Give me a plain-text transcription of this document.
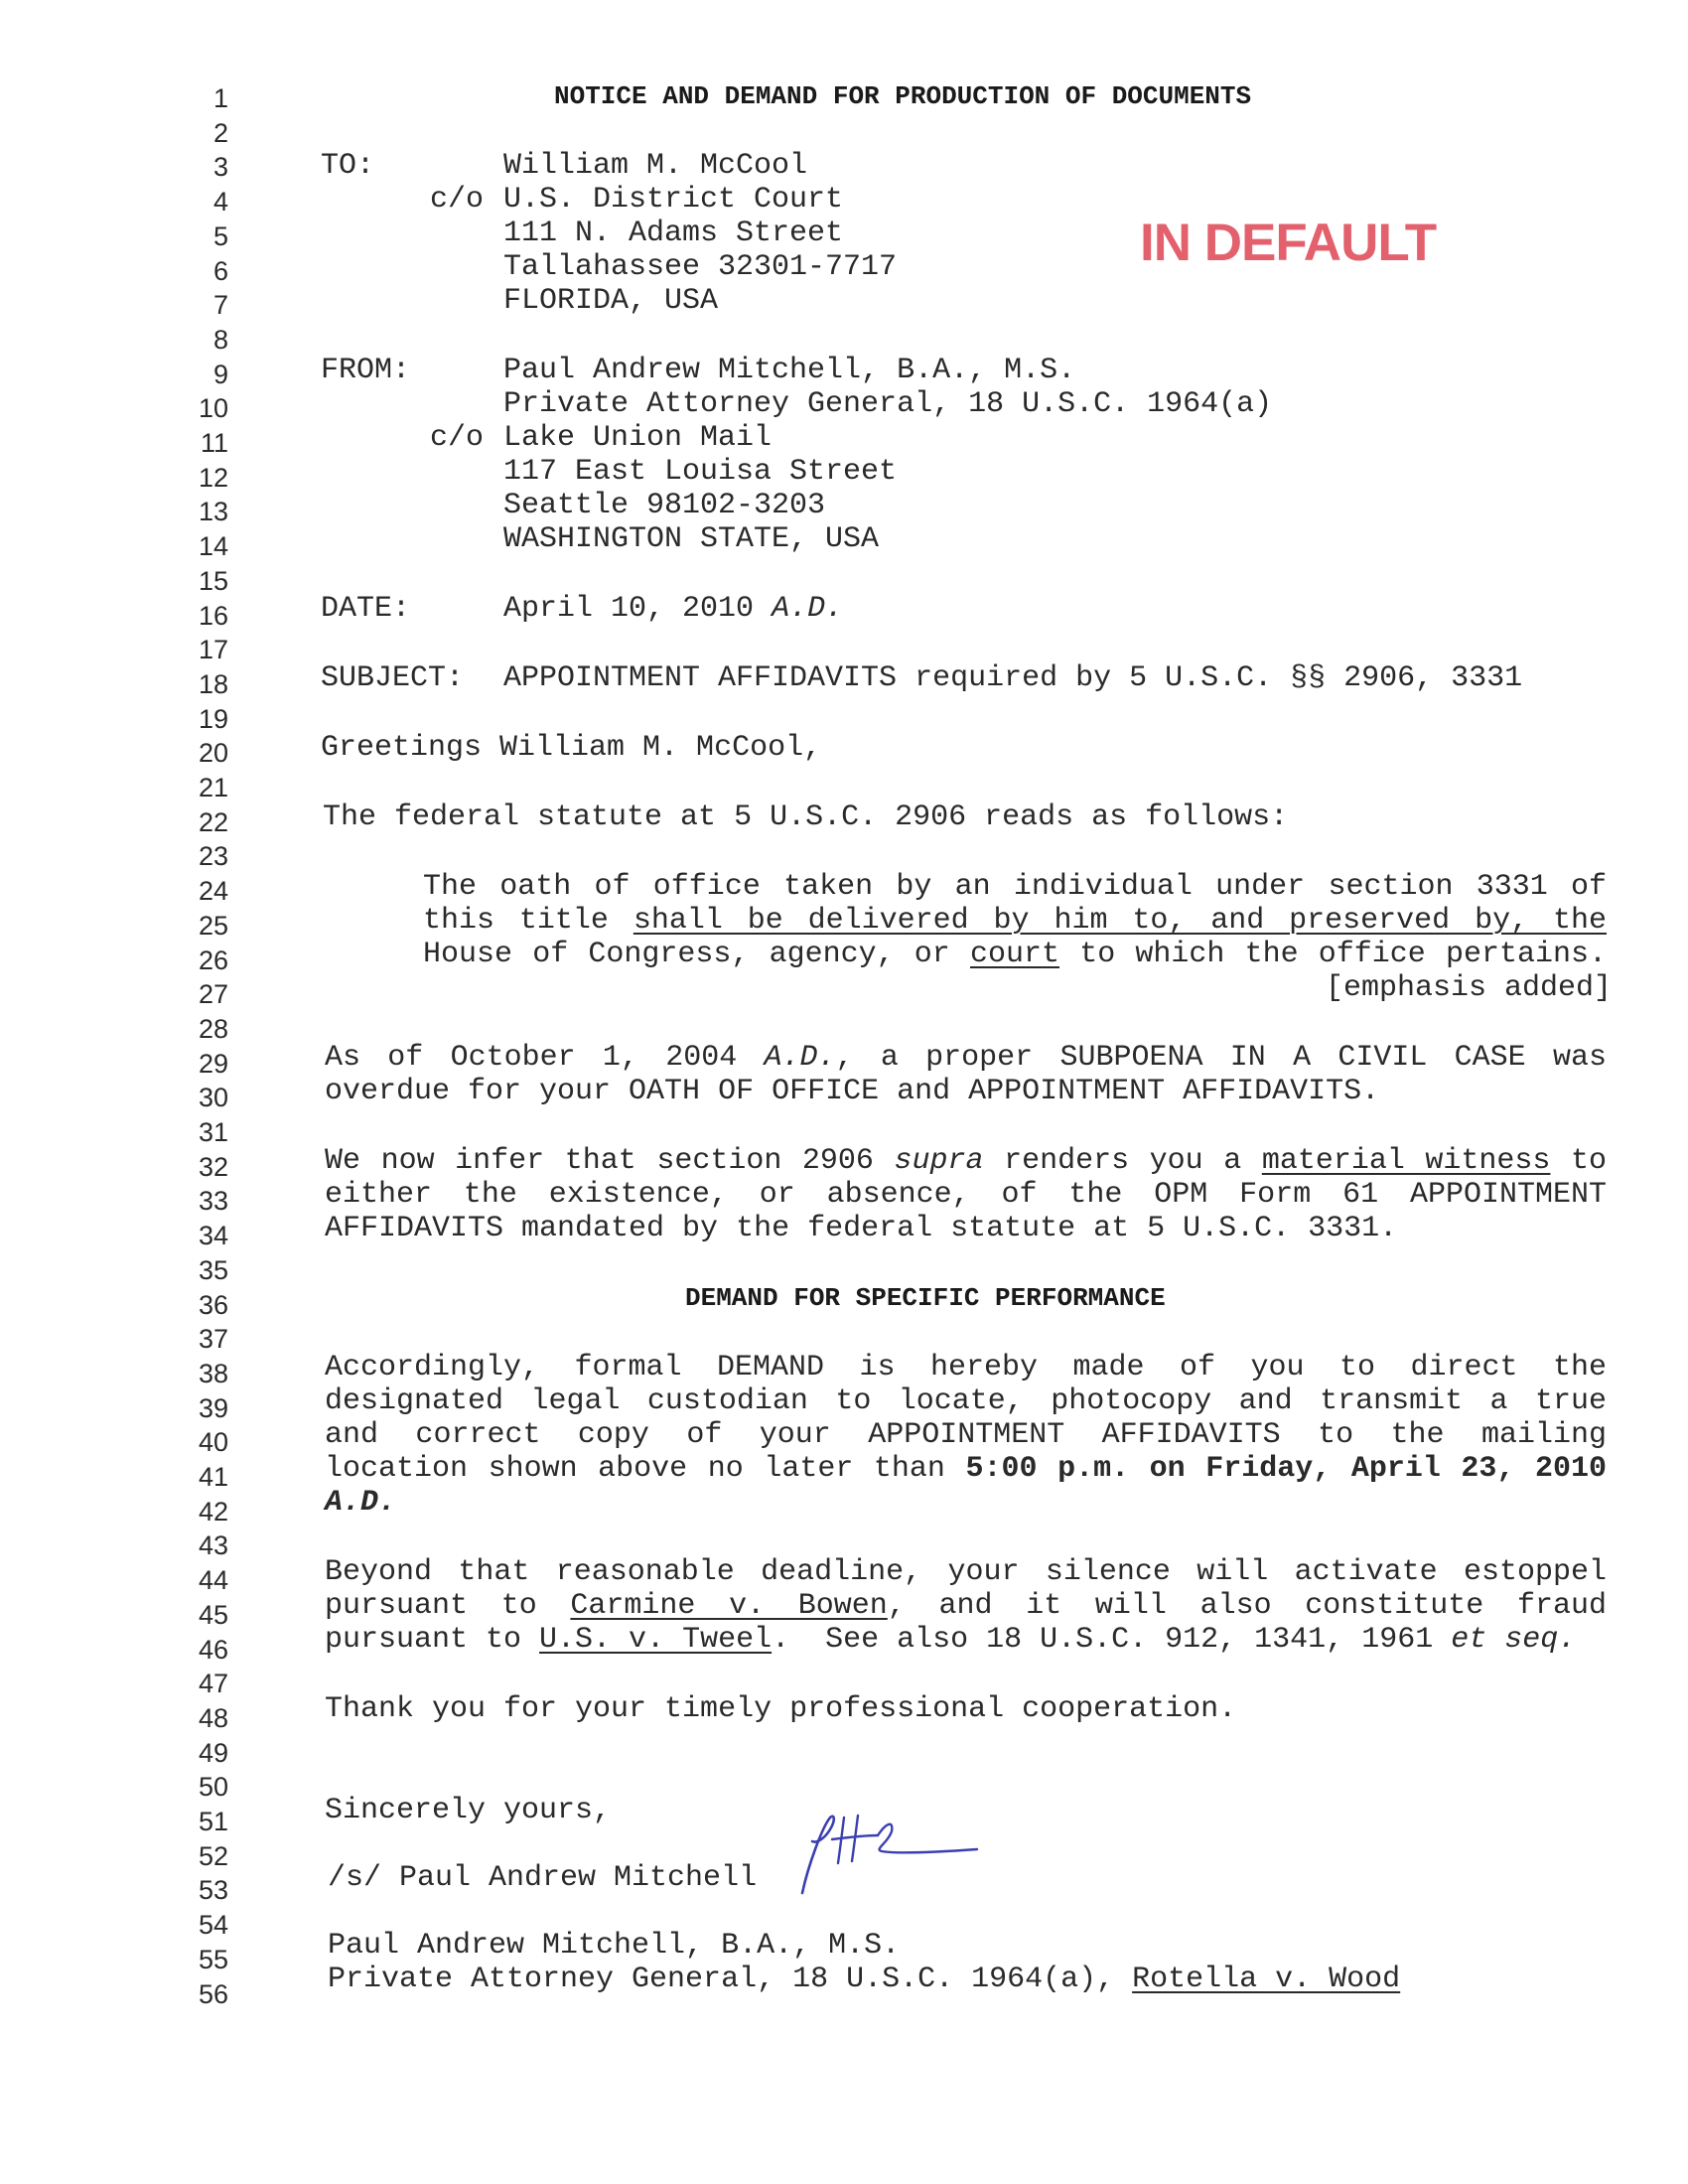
1
2
3
4
5
6
7
8
9
10
11
12
13
14
15
16
17
18
19
20
21
22
23
24
25
26
27
28
29
30
31
32
33
34
35
36
37
38
39
40
41
42
43
44
45
46
47
48
49
50
51
52
53
54
55
56
NOTICE AND DEMAND FOR PRODUCTION OF DOCUMENTS
TO:	William M. McCool
c/o U.S. District Court
111 N. Adams Street
Tallahassee 32301-7717
FLORIDA, USA
IN DEFAULT
FROM:	Paul Andrew Mitchell, B.A., M.S.
Private Attorney General, 18 U.S.C. 1964(a)
c/o Lake Union Mail
117 East Louisa Street
Seattle 98102-3203
WASHINGTON STATE, USA
DATE:	April 10, 2010 A.D.
SUBJECT: APPOINTMENT AFFIDAVITS required by 5 U.S.C. §§ 2906, 3331
Greetings William M. McCool,
The federal statute at 5 U.S.C. 2906 reads as follows:
The oath of office taken by an individual under section 3331 of
this title shall be delivered by him to, and preserved by, the
House of Congress, agency, or court to which the office pertains.
[emphasis added]
As of October 1, 2004 A.D., a proper SUBPOENA IN A CIVIL CASE was
overdue for your OATH OF OFFICE and APPOINTMENT AFFIDAVITS.
We now infer that section 2906 supra renders you a material witness to
either the existence, or absence, of the OPM Form 61 APPOINTMENT
AFFIDAVITS mandated by the federal statute at 5 U.S.C. 3331.
DEMAND FOR SPECIFIC PERFORMANCE
Accordingly, formal DEMAND is hereby made of you to direct the
designated legal custodian to locate, photocopy and transmit a true
and correct copy of your APPOINTMENT AFFIDAVITS to the mailing
location shown above no later than 5:00 p.m. on Friday, April 23, 2010
A.D.
Beyond that reasonable deadline, your silence will activate estoppel
pursuant to Carmine v. Bowen, and it will also constitute fraud
pursuant to U.S. v. Tweel.  See also 18 U.S.C. 912, 1341, 1961 et seq.
Thank you for your timely professional cooperation.
Sincerely yours,
/s/ Paul Andrew Mitchell
Paul Andrew Mitchell, B.A., M.S.
Private Attorney General, 18 U.S.C. 1964(a), Rotella v. Wood
